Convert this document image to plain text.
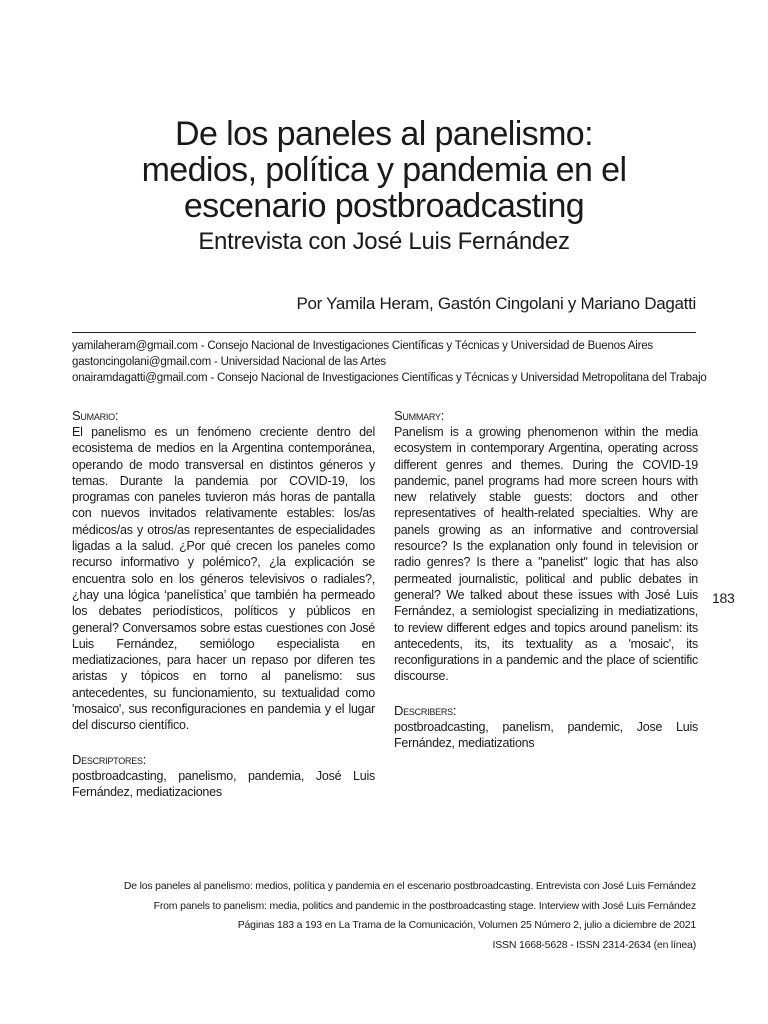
De los paneles al panelismo:
medios, política y pandemia en el
escenario postbroadcasting
Entrevista con José Luis Fernández
Por Yamila Heram, Gastón Cingolani y Mariano Dagatti
yamilaheram@gmail.com - Consejo Nacional de Investigaciones Científicas y Técnicas y Universidad de Buenos Aires
gastoncingolani@gmail.com - Universidad Nacional de las Artes
onairamdagatti@gmail.com - Consejo Nacional de Investigaciones Científicas y Técnicas y Universidad Metropolitana del Trabajo
Sumario:

El panelismo es un fenómeno creciente dentro del ecosistema de medios en la Argentina contemporánea, operando de modo transversal en distintos géneros y temas. Durante la pandemia por COVID-19, los programas con paneles tuvieron más horas de pantalla con nuevos invitados relativamente estables: los/as médicos/as y otros/as representantes de especialidades ligadas a la salud. ¿Por qué crecen los paneles como recurso informativo y polémico?, ¿la explicación se encuentra solo en los géneros televisivos o radiales?, ¿hay una lógica ‘panelística’ que también ha permeado los debates periodísticos, políticos y públicos en general? Conversamos sobre estas cuestiones con José Luis Fernández, semiólogo especialista en mediatizaciones, para hacer un repaso por diferen tes aristas y tópicos en torno al panelismo: sus antecedentes, su funcionamiento, su textualidad como 'mosaico', sus reconfiguraciones en pandemia y el lugar del discurso científico.

Descriptores:

postbroadcasting, panelismo, pandemia, José Luis Fernández, mediatizaciones

Summary:

Panelism is a growing phenomenon within the media ecosystem in contemporary Argentina, operating across different genres and themes. During the COVID-19 pandemic, panel programs had more screen hours with new relatively stable guests: doctors and other representatives of health-related specialties. Why are panels growing as an informative and controversial resource? Is the explanation only found in television or radio genres? Is there a "panelist" logic that has also permeated journalistic, political and public debates in general? We talked about these issues with José Luis Fernández, a semiologist specializing in mediatizations, to review different edges and topics around panelism: its antecedents, its, its textuality as a 'mosaic', its reconfigurations in a pandemic and the place of scientific discourse.

Describers:

postbroadcasting, panelism, pandemic, Jose Luis Fernández, mediatizations

183
De los paneles al panelismo: medios, política y pandemia en el escenario postbroadcasting. Entrevista con José Luis Fernández
From panels to panelism: media, politics and pandemic in the postbroadcasting stage. Interview with José Luis Fernández
Páginas 183 a 193 en La Trama de la Comunicación, Volumen 25 Número 2, julio a diciembre de 2021
ISSN 1668-5628 - ISSN 2314-2634 (en línea)
